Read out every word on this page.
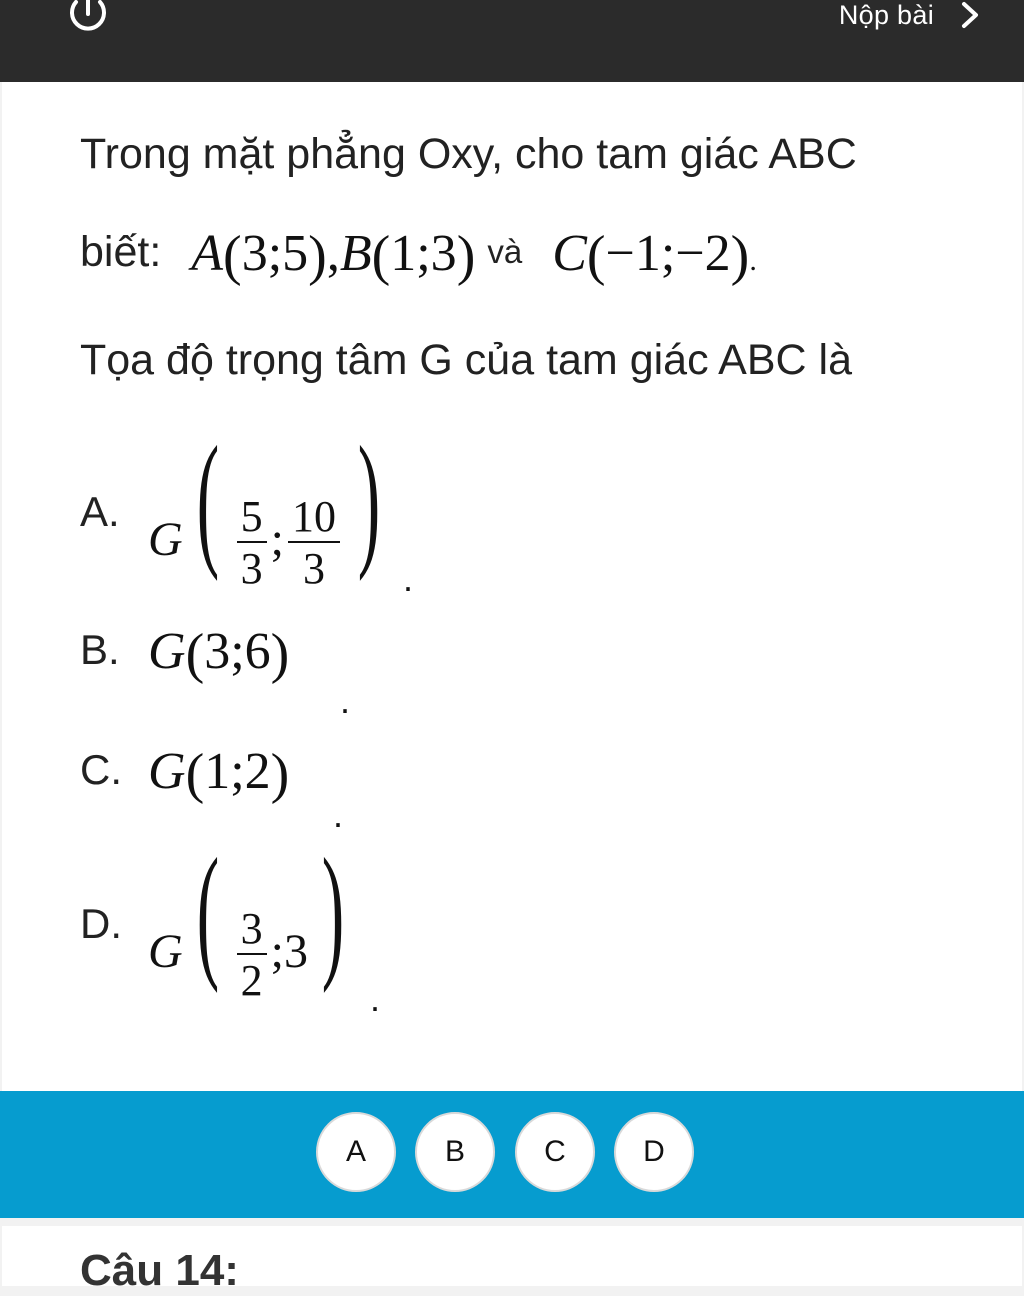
Nộp bài
Trong mặt phẳng Oxy, cho tam giác ABC
biết: A(3;5), B(1;3) và C(−1;−2).
Tọa độ trọng tâm G của tam giác ABC là
A.
$G( \frac{5}{3}$ ; $\frac{10}{3}$ ) .
B. G(3;6)
.
C. G(1;2)
.
D.
$G( \frac{3}{2}$ ;3)
.
A	B	C	D
Câu 14:
